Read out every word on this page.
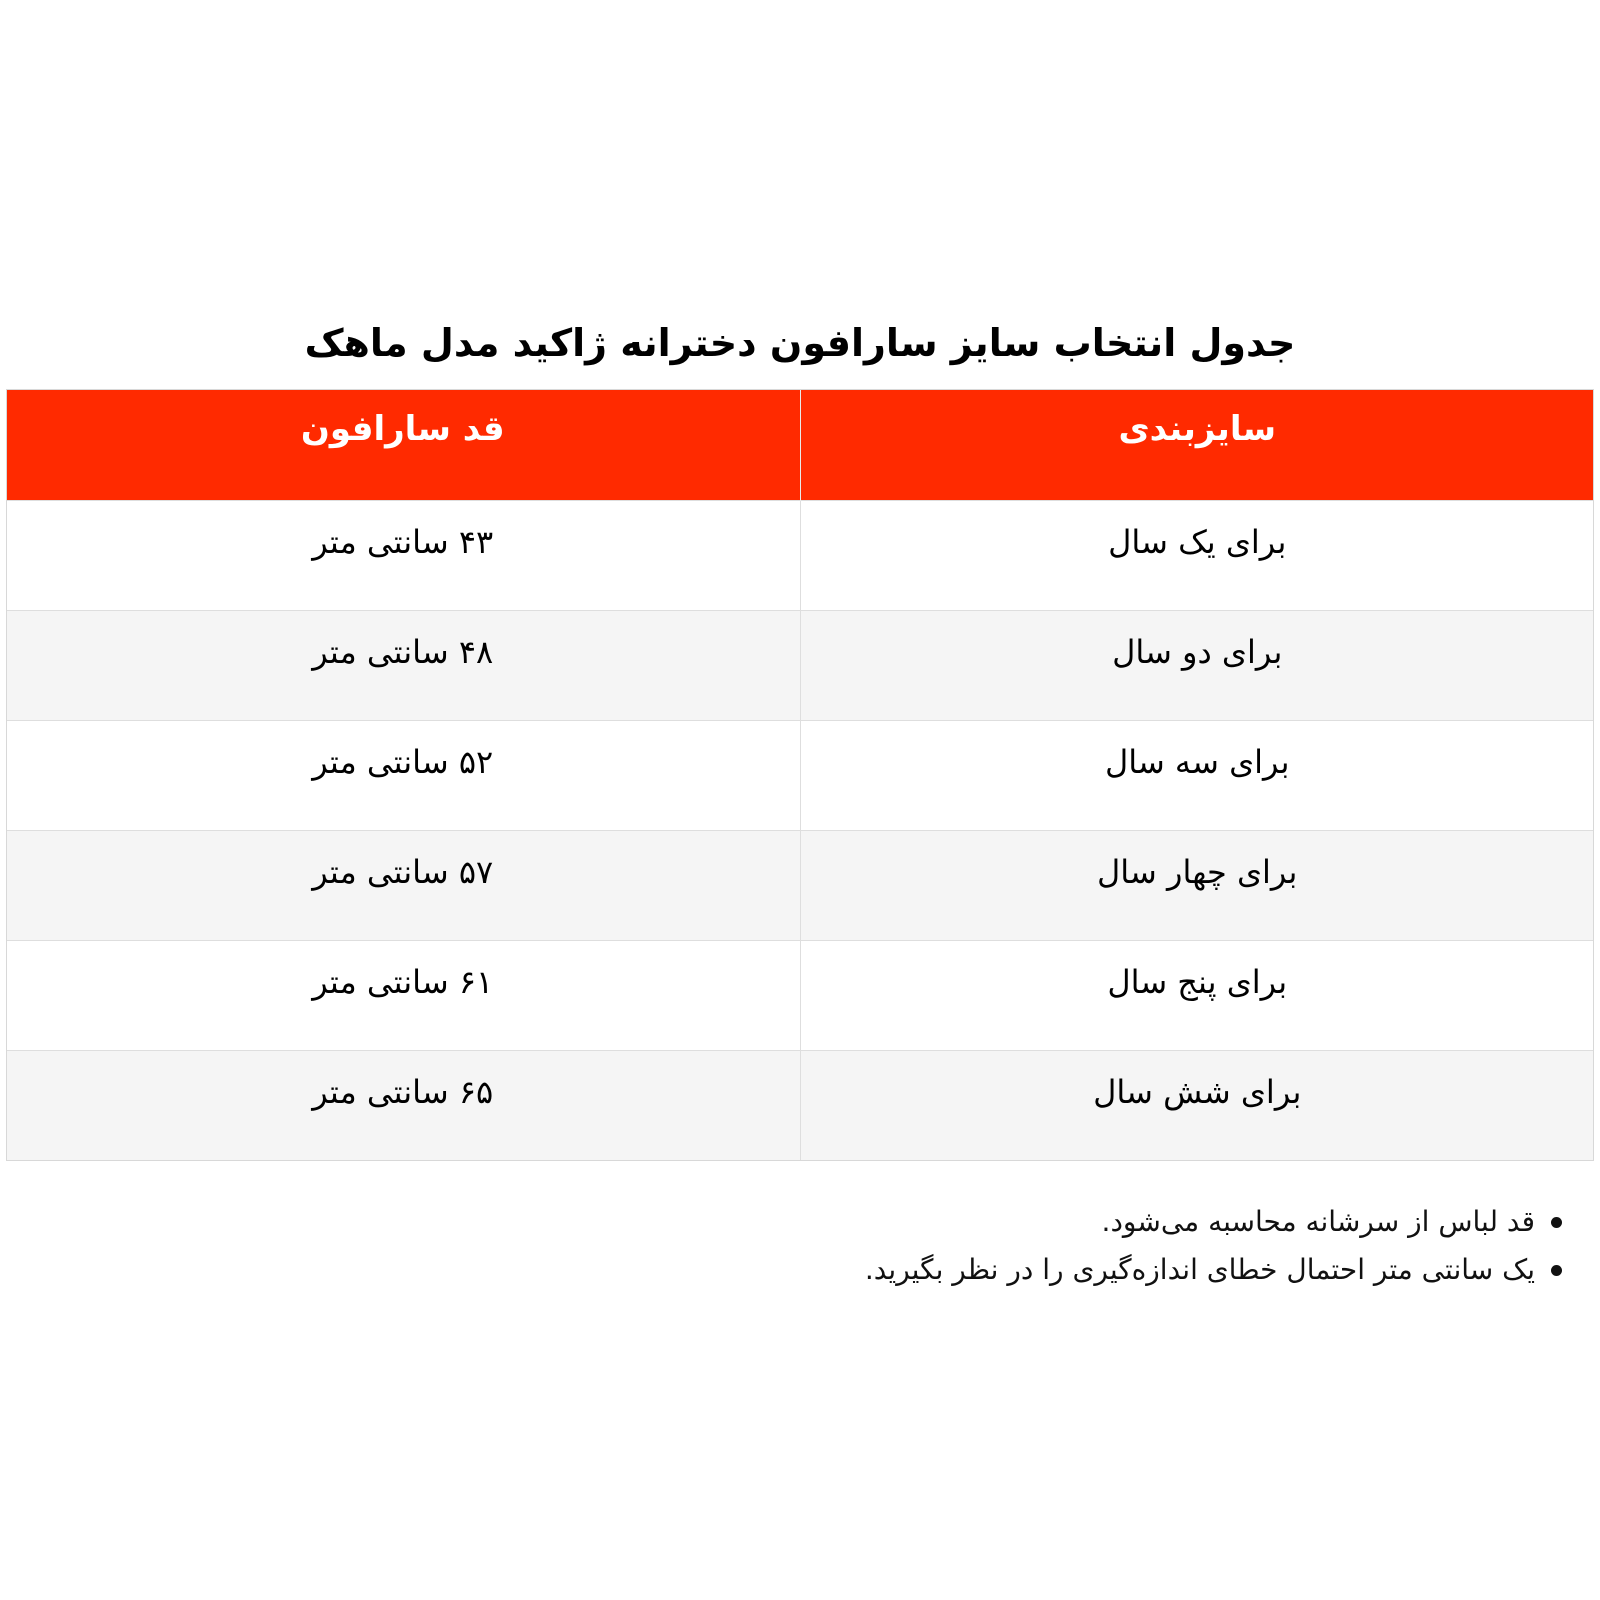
جدول انتخاب سایز سارافون دخترانه ژاکید مدل ماهک
سایزبندی	قد سارافون
برای یک سال	۴۳ سانتی متر
برای دو سال	۴۸ سانتی متر
برای سه سال	۵۲ سانتی متر
برای چهار سال	۵۷ سانتی متر
برای پنج سال	۶۱ سانتی متر
برای شش سال	۶۵ سانتی متر
قد لباس از سرشانه محاسبه می‌شود.
یک سانتی متر احتمال خطای اندازه‌گیری را در نظر بگیرید.
